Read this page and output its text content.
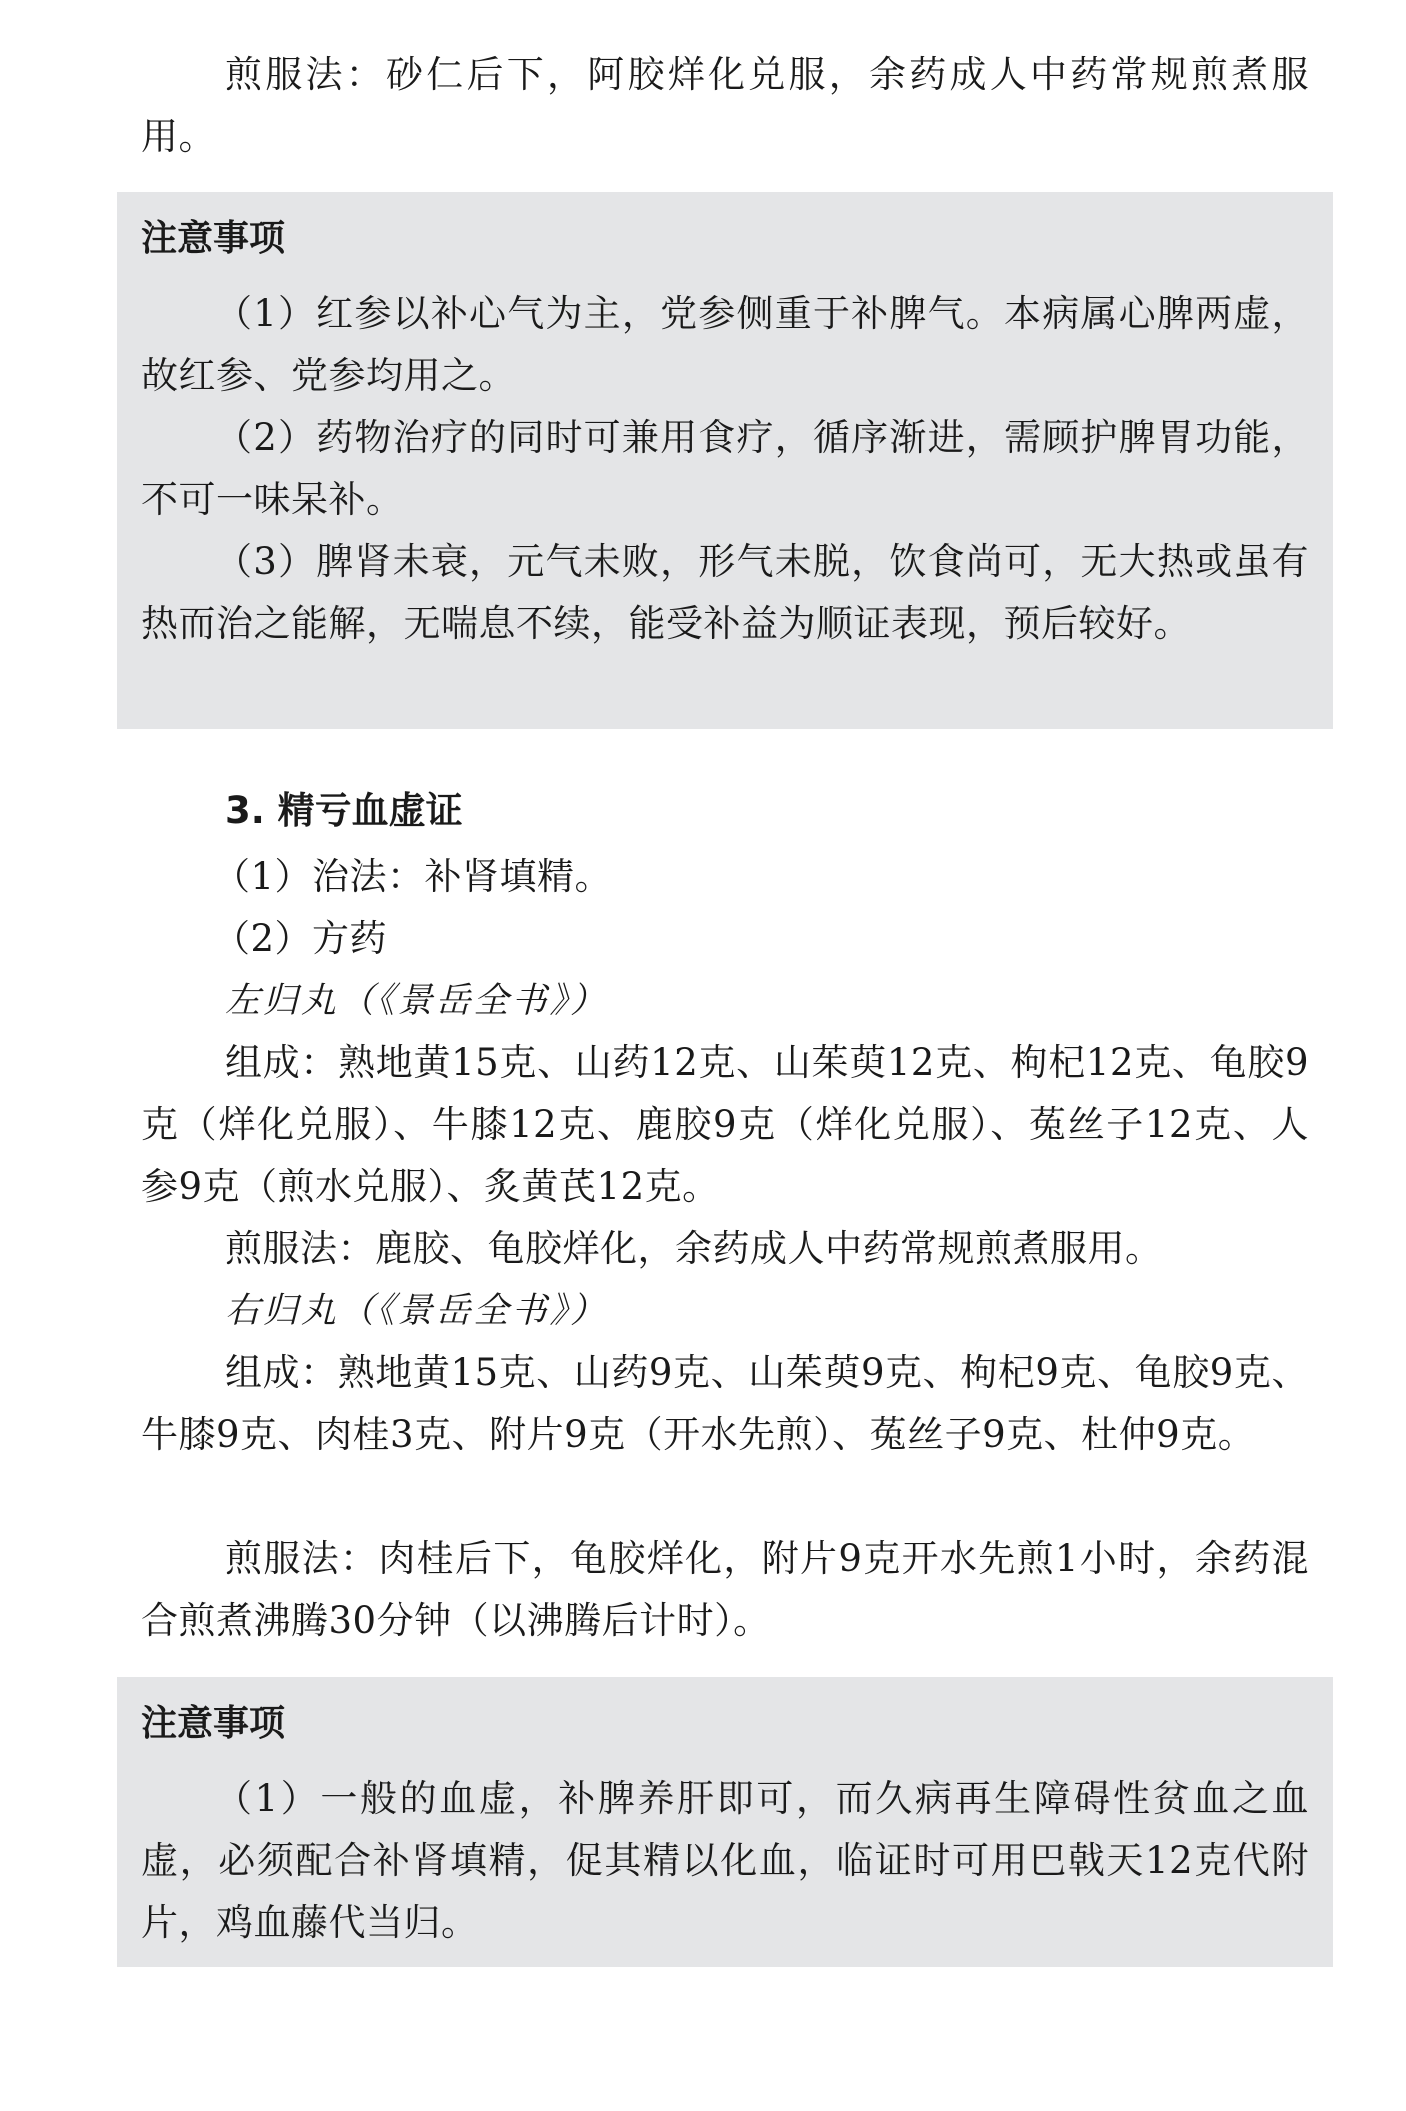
煎服法：砂仁后下，阿胶烊化兑服，余药成人中药常规煎煮服用。

注意事项

（1）红参以补心气为主，党参侧重于补脾气。本病属心脾两虚，故红参、党参均用之。

（2）药物治疗的同时可兼用食疗，循序渐进，需顾护脾胃功能，不可一味呆补。

（3）脾肾未衰，元气未败，形气未脱，饮食尚可，无大热或虽有热而治之能解，无喘息不续，能受补益为顺证表现，预后较好。

3. 精亏血虚证

（1）治法：补肾填精。

（2）方药

左归丸（《景岳全书》）

组成：熟地黄15克、山药12克、山茱萸12克、枸杞12克、龟胶9克（烊化兑服）、牛膝12克、鹿胶9克（烊化兑服）、菟丝子12克、人参9克（煎水兑服）、炙黄芪12克。

煎服法：鹿胶、龟胶烊化，余药成人中药常规煎煮服用。

右归丸（《景岳全书》）

组成：熟地黄15克、山药9克、山茱萸9克、枸杞9克、龟胶9克、牛膝9克、肉桂3克、附片9克（开水先煎）、菟丝子9克、杜仲9克。

煎服法：肉桂后下，龟胶烊化，附片9克开水先煎1小时，余药混合煎煮沸腾30分钟（以沸腾后计时）。

注意事项

（1）一般的血虚，补脾养肝即可，而久病再生障碍性贫血之血虚，必须配合补肾填精，促其精以化血，临证时可用巴戟天12克代附片，鸡血藤代当归。
